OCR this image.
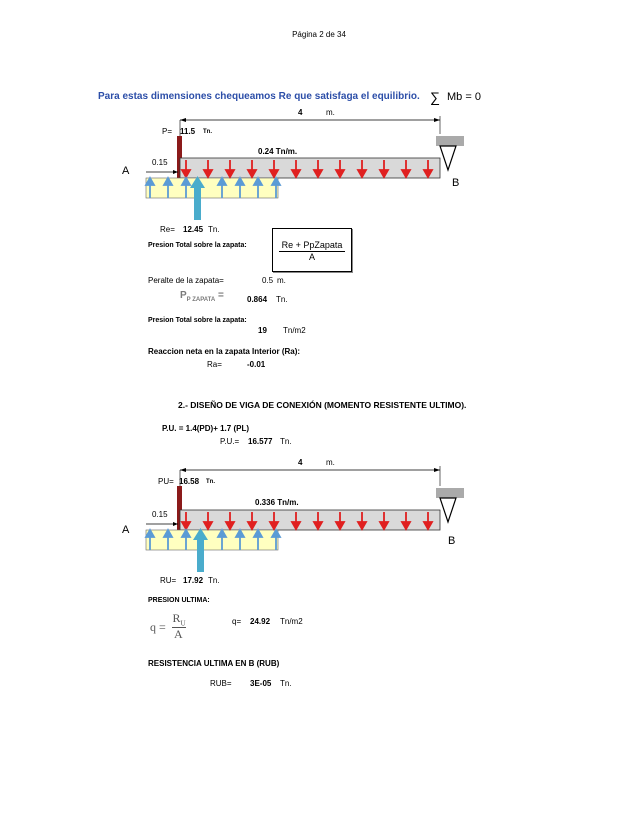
Página 2 de 34
Para estas dimensiones chequeamos Re que satisfaga el equilibrio. ∑ Mb = 0
4	m.
P= 11.5 Tn.
0.24 Tn/m.
0.15
A
B
Re= 12.45 Tn.
Presion Total sobre la zapata:	Re + PpZapata
A
Peralte de la zapata=	0.5 m.
$P_{P ZAPATA}$ =	0.864 Tn.
Presion Total sobre la zapata:
19 Tn/m2
Reaccion neta en la zapata Interior (Ra):
Ra=	-0.01
2.- DISEÑO DE VIGA DE CONEXIÓN (MOMENTO RESISTENTE ULTIMO).
P.U. = 1.4(PD)+ 1.7 (PL)
P.U.= 16.577 Tn.
4	m.
PU= 16.58 Tn.
0.336 Tn/m.
0.15
A
B
RU= 17.92 Tn.
PRESION ULTIMA:
q =
$R_U$
A
q= 24.92 Tn/m2
RESISTENCIA ULTIMA EN B (RUB)
RUB= 3E-05 Tn.
